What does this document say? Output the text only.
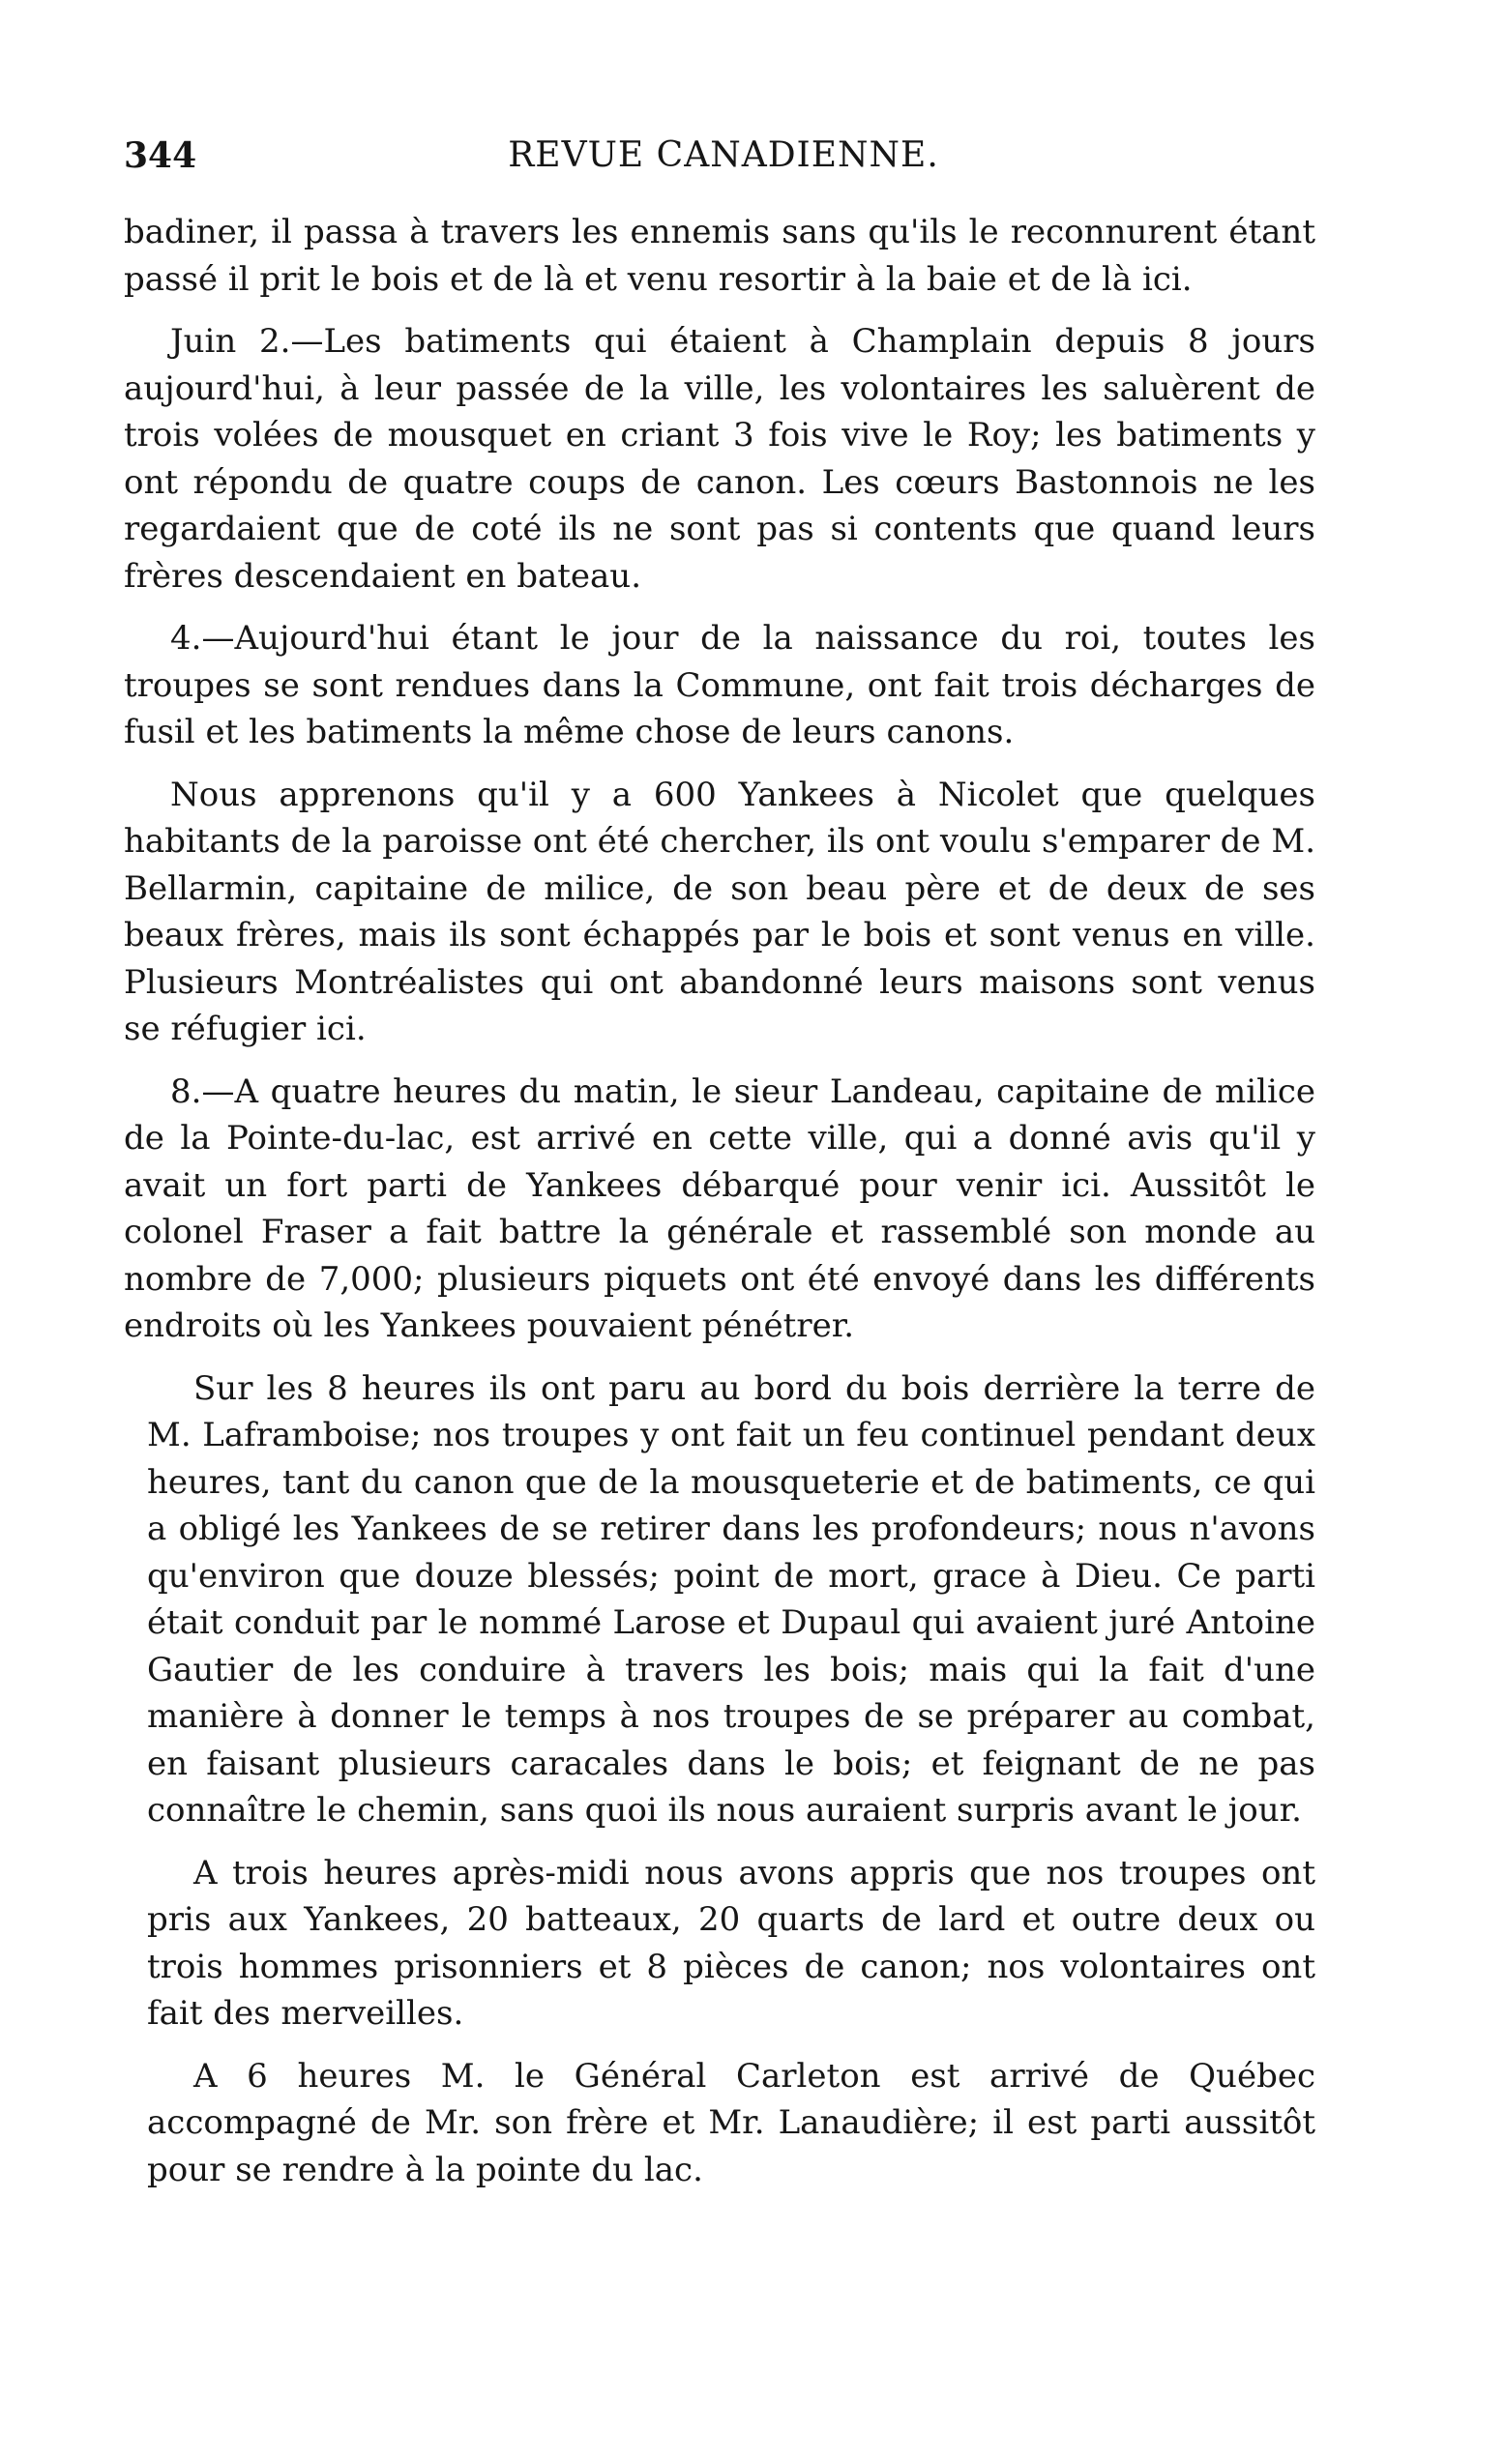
344	REVUE CANADIENNE.

badiner, il passa à travers les ennemis sans qu'ils le reconnurent étant passé il prit le bois et de là et venu resortir à la baie et de là ici.

Juin 2.—Les batiments qui étaient à Champlain depuis 8 jours aujourd'hui, à leur passée de la ville, les volontaires les saluèrent de trois volées de mousquet en criant 3 fois vive le Roy; les batiments y ont répondu de quatre coups de canon. Les cœurs Bastonnois ne les regardaient que de coté ils ne sont pas si contents que quand leurs frères descendaient en bateau.

4.—Aujourd'hui étant le jour de la naissance du roi, toutes les troupes se sont rendues dans la Commune, ont fait trois décharges de fusil et les batiments la même chose de leurs canons.

Nous apprenons qu'il y a 600 Yankees à Nicolet que quelques habitants de la paroisse ont été chercher, ils ont voulu s'emparer de M. Bellarmin, capitaine de milice, de son beau père et de deux de ses beaux frères, mais ils sont échappés par le bois et sont venus en ville. Plusieurs Montréalistes qui ont abandonné leurs maisons sont venus se réfugier ici.

8.—A quatre heures du matin, le sieur Landeau, capitaine de milice de la Pointe-du-lac, est arrivé en cette ville, qui a donné avis qu'il y avait un fort parti de Yankees débarqué pour venir ici. Aussitôt le colonel Fraser a fait battre la générale et rassemblé son monde au nombre de 7,000; plusieurs piquets ont été envoyé dans les différents endroits où les Yankees pouvaient pénétrer.

Sur les 8 heures ils ont paru au bord du bois derrière la terre de M. Laframboise; nos troupes y ont fait un feu continuel pendant deux heures, tant du canon que de la mousqueterie et de batiments, ce qui a obligé les Yankees de se retirer dans les profondeurs; nous n'avons qu'environ que douze blessés; point de mort, grace à Dieu. Ce parti était conduit par le nommé Larose et Dupaul qui avaient juré Antoine Gautier de les conduire à travers les bois; mais qui la fait d'une manière à donner le temps à nos troupes de se préparer au combat, en faisant plusieurs caracales dans le bois; et feignant de ne pas connaître le chemin, sans quoi ils nous auraient surpris avant le jour.

A trois heures après-midi nous avons appris que nos troupes ont pris aux Yankees, 20 batteaux, 20 quarts de lard et outre deux ou trois hommes prisonniers et 8 pièces de canon; nos volontaires ont fait des merveilles.

A 6 heures M. le Général Carleton est arrivé de Québec accompagné de Mr. son frère et Mr. Lanaudière; il est parti aussitôt pour se rendre à la pointe du lac.
